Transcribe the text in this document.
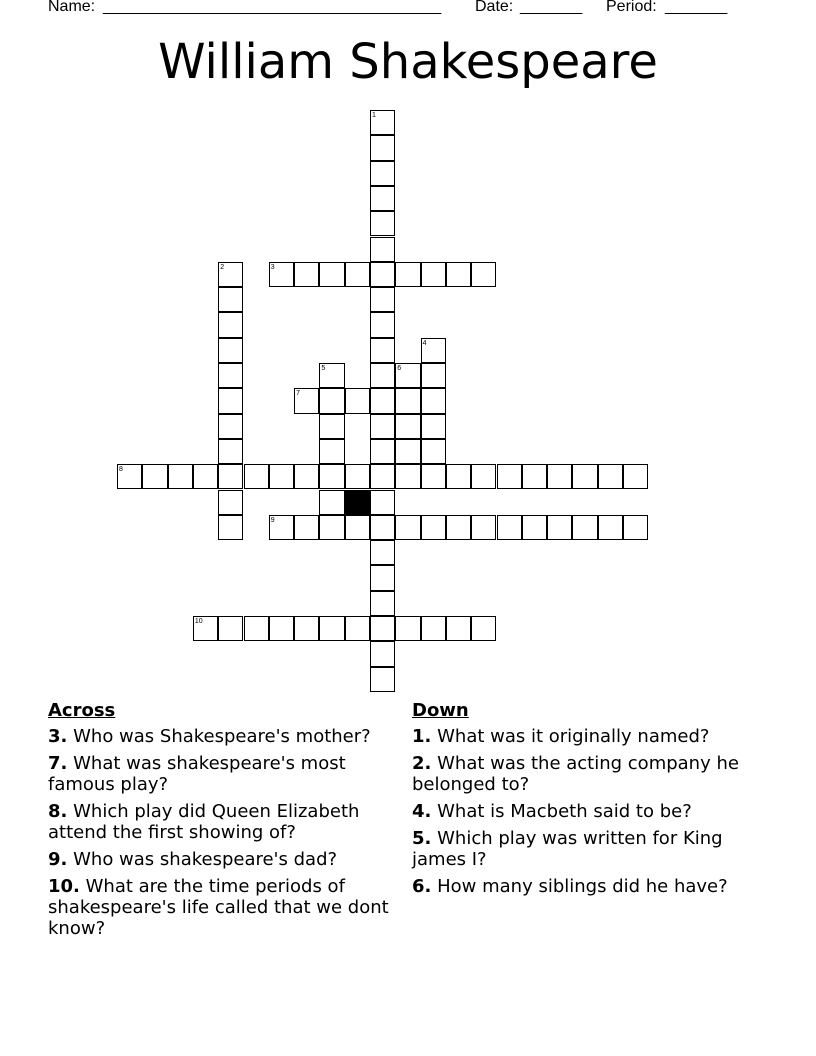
Name: ______________________________________ Date: _______ Period: _______
William Shakespeare
1
2	3
4
5	6
7
8
9
10
Across
3. Who was Shakespeare's mother?
7. What was shakespeare's most famous play?
8. Which play did Queen Elizabeth attend the first showing of?
9. Who was shakespeare's dad?
10. What are the time periods of shakespeare's life called that we dont know?
Down
1. What was it originally named?
2. What was the acting company he belonged to?
4. What is Macbeth said to be?
5. Which play was written for King james I?
6. How many siblings did he have?
